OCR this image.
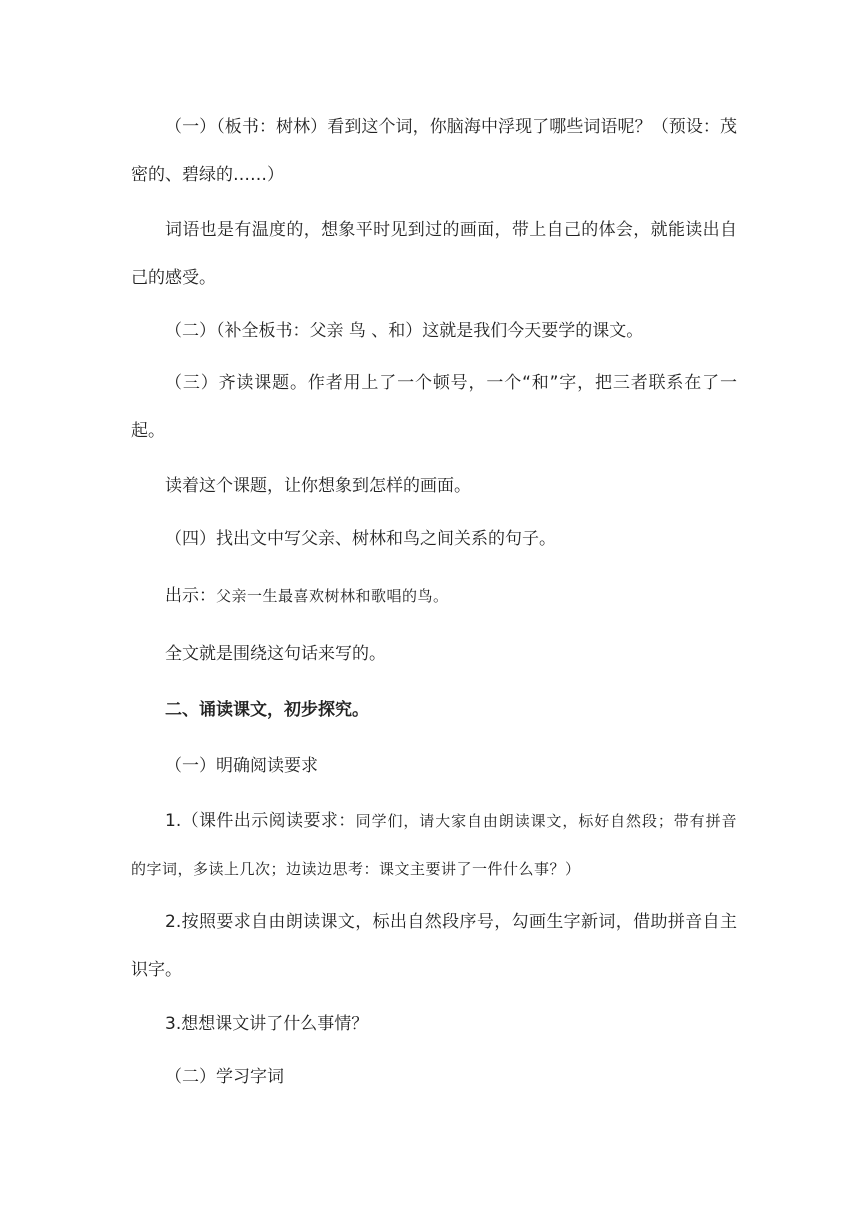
（一）（板书：树林）看到这个词，你脑海中浮现了哪些词语呢？（预设：茂密的、碧绿的……）

词语也是有温度的，想象平时见到过的画面，带上自己的体会，就能读出自己的感受。

（二）（补全板书：父亲 鸟 、和）这就是我们今天要学的课文。

（三）齐读课题。作者用上了一个顿号，一个“和”字，把三者联系在了一起。

读着这个课题，让你想象到怎样的画面。

（四）找出文中写父亲、树林和鸟之间关系的句子。

出示：父亲一生最喜欢树林和歌唱的鸟。

全文就是围绕这句话来写的。

二、诵读课文，初步探究。

（一）明确阅读要求

1.（课件出示阅读要求：同学们，请大家自由朗读课文，标好自然段；带有拼音的字词，多读上几次；边读边思考：课文主要讲了一件什么事？）

2.按照要求自由朗读课文，标出自然段序号，勾画生字新词，借助拼音自主识字。

3.想想课文讲了什么事情？

（二）学习字词
